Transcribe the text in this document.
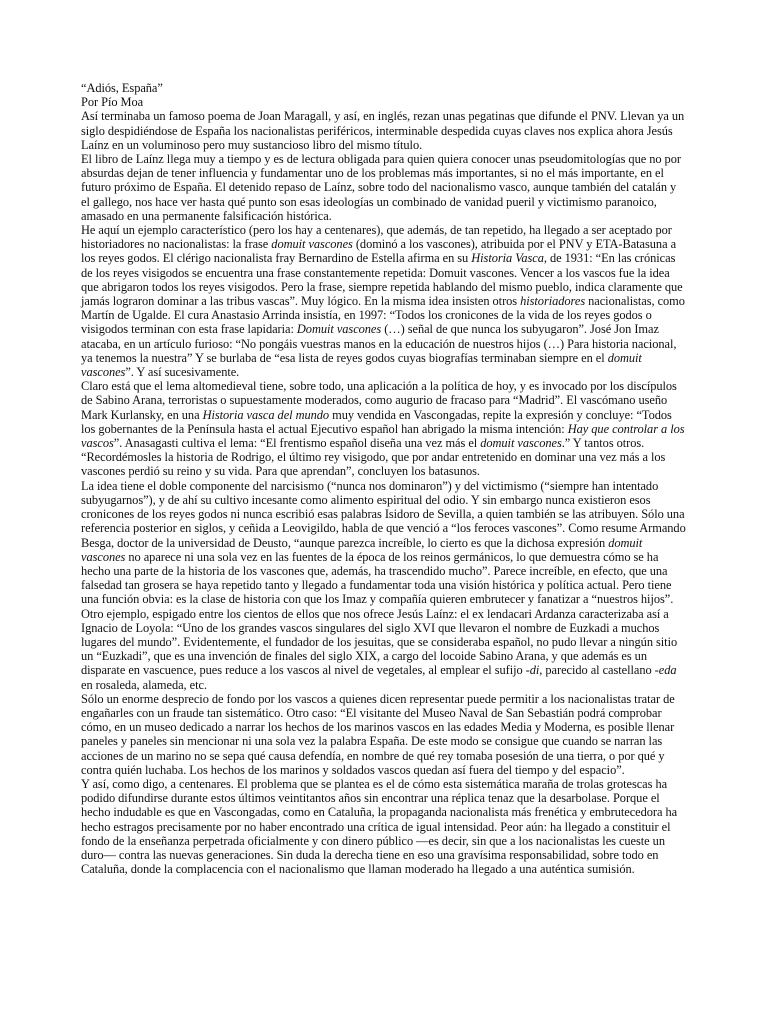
“Adiós, España”

Por Pío Moa

Así terminaba un famoso poema de Joan Maragall, y así, en inglés, rezan unas pegatinas que difunde el PNV. Llevan ya un siglo despidiéndose de España los nacionalistas periféricos, interminable despedida cuyas claves nos explica ahora Jesús Laínz en un voluminoso pero muy sustancioso libro del mismo título.

El libro de Laínz llega muy a tiempo y es de lectura obligada para quien quiera conocer unas pseudomitologías que no por absurdas dejan de tener influencia y fundamentar uno de los problemas más importantes, si no el más importante, en el futuro próximo de España. El detenido repaso de Laínz, sobre todo del nacionalismo vasco, aunque también del catalán y el gallego, nos hace ver hasta qué punto son esas ideologías un combinado de vanidad pueril y victimismo paranoico, amasado en una permanente falsificación histórica.

He aquí un ejemplo característico (pero los hay a centenares), que además, de tan repetido, ha llegado a ser aceptado por historiadores no nacionalistas: la frase domuit vascones (dominó a los vascones), atribuida por el PNV y ETA-Batasuna a los reyes godos. El clérigo nacionalista fray Bernardino de Estella afirma en su Historia Vasca, de 1931: “En las crónicas de los reyes visigodos se encuentra una frase constantemente repetida: Domuit vascones. Vencer a los vascos fue la idea que abrigaron todos los reyes visigodos. Pero la frase, siempre repetida hablando del mismo pueblo, indica claramente que jamás lograron dominar a las tribus vascas”. Muy lógico. En la misma idea insisten otros historiadores nacionalistas, como Martín de Ugalde. El cura Anastasio Arrinda insistía, en 1997: “Todos los cronicones de la vida de los reyes godos o visigodos terminan con esta frase lapidaria: Domuit vascones (…) señal de que nunca los subyugaron”. José Jon Imaz atacaba, en un artículo furioso: “No pongáis vuestras manos en la educación de nuestros hijos (…) Para historia nacional, ya tenemos la nuestra” Y se burlaba de “esa lista de reyes godos cuyas biografías terminaban siempre en el domuit vascones”. Y así sucesivamente.

Claro está que el lema altomedieval tiene, sobre todo, una aplicación a la política de hoy, y es invocado por los discípulos de Sabino Arana, terroristas o supuestamente moderados, como augurio de fracaso para “Madrid”. El vascómano useño Mark Kurlansky, en una Historia vasca del mundo muy vendida en Vascongadas, repite la expresión y concluye: “Todos los gobernantes de la Península hasta el actual Ejecutivo español han abrigado la misma intención: Hay que controlar a los vascos”. Anasagasti cultiva el lema: “El frentismo español diseña una vez más el domuit vascones.” Y tantos otros. “Recordémosles la historia de Rodrigo, el último rey visigodo, que por andar entretenido en dominar una vez más a los vascones perdió su reino y su vida. Para que aprendan”, concluyen los batasunos.

La idea tiene el doble componente del narcisismo (“nunca nos dominaron”) y del victimismo (“siempre han intentado subyugarnos”), y de ahí su cultivo incesante como alimento espiritual del odio. Y sin embargo nunca existieron esos cronicones de los reyes godos ni nunca escribió esas palabras Isidoro de Sevilla, a quien también se las atribuyen. Sólo una referencia posterior en siglos, y ceñida a Leovigildo, habla de que venció a “los feroces vascones”. Como resume Armando Besga, doctor de la universidad de Deusto, “aunque parezca increíble, lo cierto es que la dichosa expresión domuit vascones no aparece ni una sola vez en las fuentes de la época de los reinos germánicos, lo que demuestra cómo se ha hecho una parte de la historia de los vascones que, además, ha trascendido mucho”. Parece increíble, en efecto, que una falsedad tan grosera se haya repetido tanto y llegado a fundamentar toda una visión histórica y política actual. Pero tiene una función obvia: es la clase de historia con que los Imaz y compañía quieren embrutecer y fanatizar a “nuestros hijos”.

Otro ejemplo, espigado entre los cientos de ellos que nos ofrece Jesús Laínz: el ex lendacari Ardanza caracterizaba así a Ignacio de Loyola: “Uno de los grandes vascos singulares del siglo XVI que llevaron el nombre de Euzkadi a muchos lugares del mundo”. Evidentemente, el fundador de los jesuitas, que se consideraba español, no pudo llevar a ningún sitio un “Euzkadi”, que es una invención de finales del siglo XIX, a cargo del locoide Sabino Arana, y que además es un disparate en vascuence, pues reduce a los vascos al nivel de vegetales, al emplear el sufijo -di, parecido al castellano -eda en rosaleda, alameda, etc.

Sólo un enorme desprecio de fondo por los vascos a quienes dicen representar puede permitir a los nacionalistas tratar de engañarles con un fraude tan sistemático. Otro caso: “El visitante del Museo Naval de San Sebastián podrá comprobar cómo, en un museo dedicado a narrar los hechos de los marinos vascos en las edades Media y Moderna, es posible llenar paneles y paneles sin mencionar ni una sola vez la palabra España. De este modo se consigue que cuando se narran las acciones de un marino no se sepa qué causa defendía, en nombre de qué rey tomaba posesión de una tierra, o por qué y contra quién luchaba. Los hechos de los marinos y soldados vascos quedan así fuera del tiempo y del espacio”.

Y así, como digo, a centenares. El problema que se plantea es el de cómo esta sistemática maraña de trolas grotescas ha podido difundirse durante estos últimos veintitantos años sin encontrar una réplica tenaz que la desarbolase. Porque el hecho indudable es que en Vascongadas, como en Cataluña, la propaganda nacionalista más frenética y embrutecedora ha hecho estragos precisamente por no haber encontrado una crítica de igual intensidad. Peor aún: ha llegado a constituir el fondo de la enseñanza perpetrada oficialmente y con dinero público —es decir, sin que a los nacionalistas les cueste un duro— contra las nuevas generaciones. Sin duda la derecha tiene en eso una gravísima responsabilidad, sobre todo en Cataluña, donde la complacencia con el nacionalismo que llaman moderado ha llegado a una auténtica sumisión.
